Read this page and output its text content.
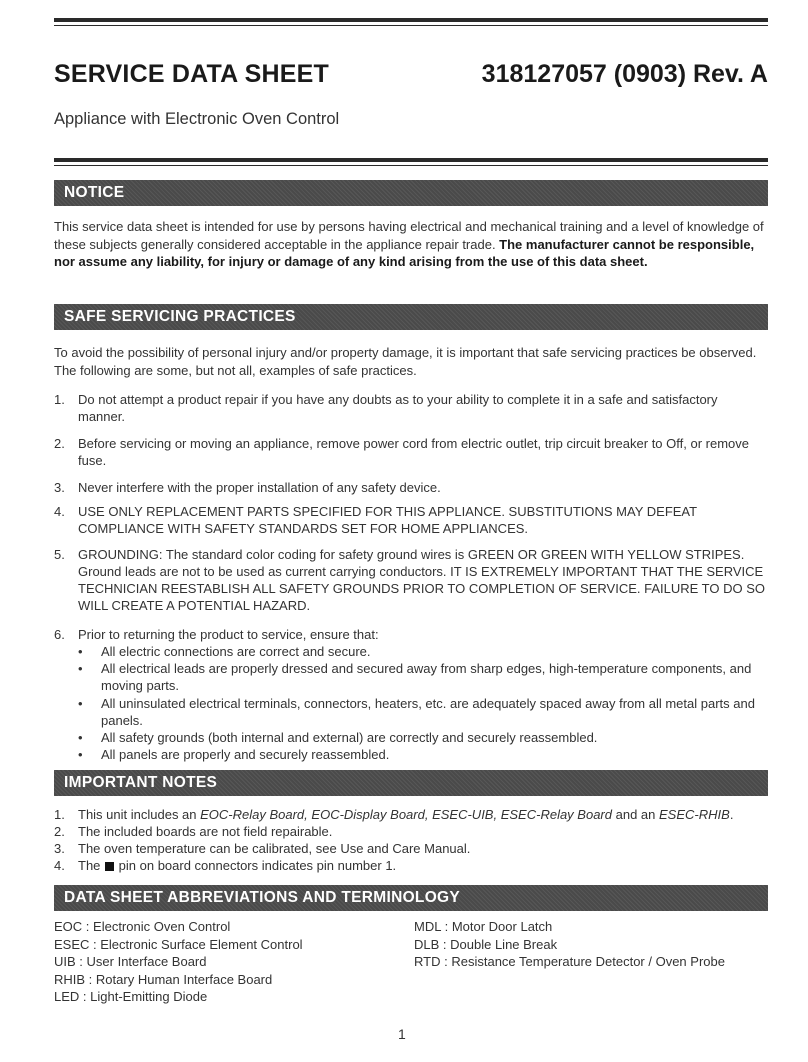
SERVICE DATA SHEET	318127057 (0903) Rev. A
Appliance with Electronic Oven Control
NOTICE
This service data sheet is intended for use by persons having electrical and mechanical training and a level of knowledge of these subjects generally considered acceptable in the appliance repair trade. The manufacturer cannot be responsible, nor assume any liability, for injury or damage of any kind arising from the use of this data sheet.
SAFE SERVICING PRACTICES
To avoid the possibility of personal injury and/or property damage, it is important that safe servicing practices be observed. The following are some, but not all, examples of safe practices.
1. Do not attempt a product repair if you have any doubts as to your ability to complete it in a safe and satisfactory manner.
2. Before servicing or moving an appliance, remove power cord from electric outlet, trip circuit breaker to Off, or remove fuse.
3. Never interfere with the proper installation of any safety device.
4. USE ONLY REPLACEMENT PARTS SPECIFIED FOR THIS APPLIANCE. SUBSTITUTIONS MAY DEFEAT COMPLIANCE WITH SAFETY STANDARDS SET FOR HOME APPLIANCES.
5. GROUNDING: The standard color coding for safety ground wires is GREEN OR GREEN WITH YELLOW STRIPES. Ground leads are not to be used as current carrying conductors. IT IS EXTREMELY IMPORTANT THAT THE SERVICE TECHNICIAN REESTABLISH ALL SAFETY GROUNDS PRIOR TO COMPLETION OF SERVICE. FAILURE TO DO SO WILL CREATE A POTENTIAL HAZARD.
6. Prior to returning the product to service, ensure that:
• All electric connections are correct and secure.
• All electrical leads are properly dressed and secured away from sharp edges, high-temperature components, and moving parts.
• All uninsulated electrical terminals, connectors, heaters, etc. are adequately spaced away from all metal parts and panels.
• All safety grounds (both internal and external) are correctly and securely reassembled.
• All panels are properly and securely reassembled.
IMPORTANT NOTES
1. This unit includes an EOC-Relay Board, EOC-Display Board, ESEC-UIB, ESEC-Relay Board and an ESEC-RHIB.
2. The included boards are not field repairable.
3. The oven temperature can be calibrated, see Use and Care Manual.
4. The pin on board connectors indicates pin number 1.
DATA SHEET ABBREVIATIONS AND TERMINOLOGY
EOC : Electronic Oven Control
ESEC : Electronic Surface Element Control
UIB : User Interface Board
RHIB : Rotary Human Interface Board
LED : Light-Emitting Diode
MDL : Motor Door Latch
DLB : Double Line Break
RTD : Resistance Temperature Detector / Oven Probe
1
